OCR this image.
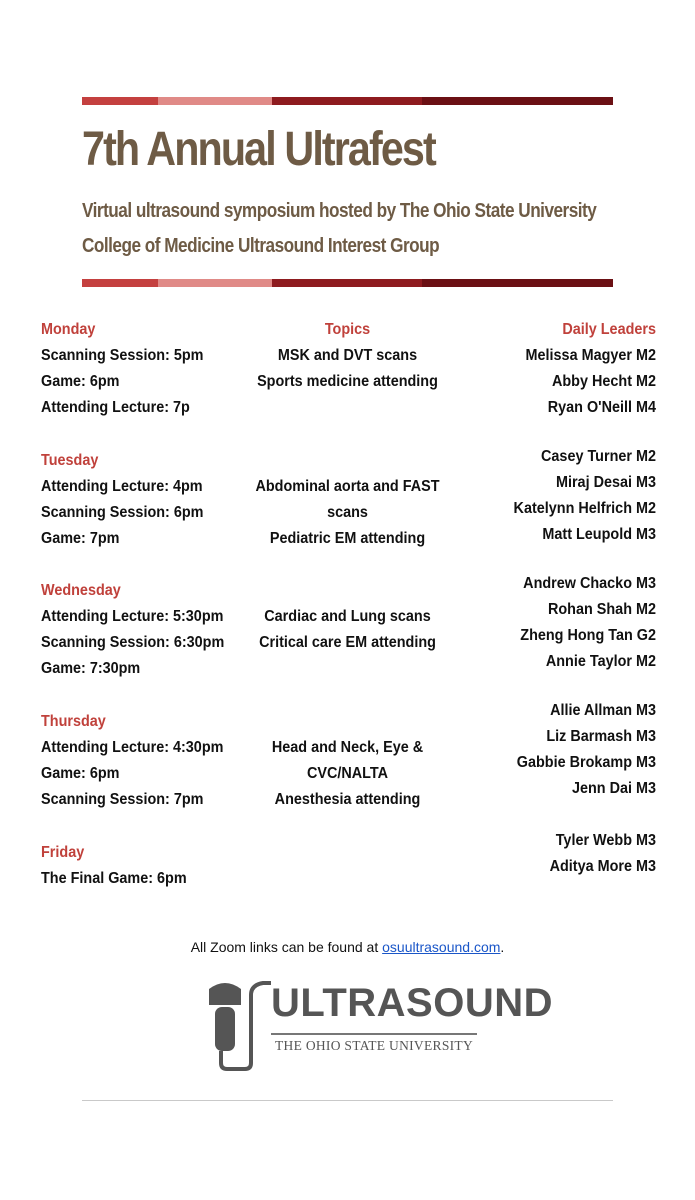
7th Annual Ultrafest
Virtual ultrasound symposium hosted by The Ohio State University
College of Medicine Ultrasound Interest Group
Monday
Scanning Session: 5pm
Game: 6pm
Attending Lecture: 7p
Tuesday
Attending Lecture: 4pm
Scanning Session: 6pm
Game: 7pm
Wednesday
Attending Lecture: 5:30pm
Scanning Session: 6:30pm
Game: 7:30pm
Thursday
Attending Lecture: 4:30pm
Game: 6pm
Scanning Session: 7pm
Friday
The Final Game: 6pm
Topics
MSK and DVT scans
Sports medicine attending
Abdominal aorta and FAST
scans
Pediatric EM attending
Cardiac and Lung scans
Critical care EM attending
Head and Neck, Eye &
CVC/NALTA
Anesthesia attending
Daily Leaders
Melissa Magyer M2
Abby Hecht M2
Ryan O'Neill M4
Casey Turner M2
Miraj Desai M3
Katelynn Helfrich M2
Matt Leupold M3
Andrew Chacko M3
Rohan Shah M2
Zheng Hong Tan G2
Annie Taylor M2
Allie Allman M3
Liz Barmash M3
Gabbie Brokamp M3
Jenn Dai M3
Tyler Webb M3
Aditya More M3
All Zoom links can be found at osuultrasound.com.
ULTRASOUND
THE OHIO STATE UNIVERSITY
